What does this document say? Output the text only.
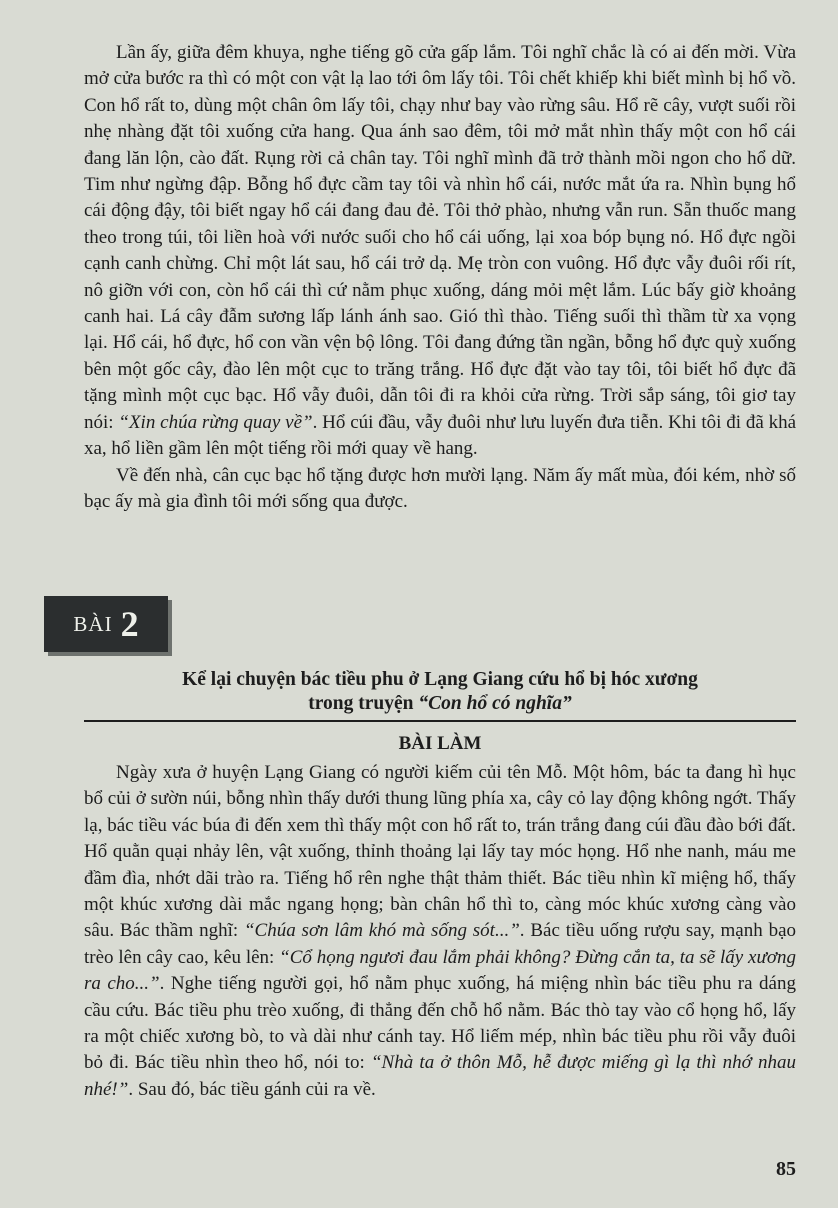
Lần ấy, giữa đêm khuya, nghe tiếng gõ cửa gấp lắm. Tôi nghĩ chắc là có ai đến mời. Vừa mở cửa bước ra thì có một con vật lạ lao tới ôm lấy tôi. Tôi chết khiếp khi biết mình bị hổ vồ. Con hổ rất to, dùng một chân ôm lấy tôi, chạy như bay vào rừng sâu. Hổ rẽ cây, vượt suối rồi nhẹ nhàng đặt tôi xuống cửa hang. Qua ánh sao đêm, tôi mở mắt nhìn thấy một con hổ cái đang lăn lộn, cào đất. Rụng rời cả chân tay. Tôi nghĩ mình đã trở thành mồi ngon cho hổ dữ. Tim như ngừng đập. Bỗng hổ đực cầm tay tôi và nhìn hổ cái, nước mắt ứa ra. Nhìn bụng hổ cái động đậy, tôi biết ngay hổ cái đang đau đẻ. Tôi thở phào, nhưng vẫn run. Sẵn thuốc mang theo trong túi, tôi liền hoà với nước suối cho hổ cái uống, lại xoa bóp bụng nó. Hổ đực ngồi cạnh canh chừng. Chỉ một lát sau, hổ cái trở dạ. Mẹ tròn con vuông. Hổ đực vẫy đuôi rối rít, nô giỡn với con, còn hổ cái thì cứ nằm phục xuống, dáng mỏi mệt lắm. Lúc bấy giờ khoảng canh hai. Lá cây đẫm sương lấp lánh ánh sao. Gió thì thào. Tiếng suối thì thầm từ xa vọng lại. Hổ cái, hổ đực, hổ con vần vện bộ lông. Tôi đang đứng tần ngần, bỗng hổ đực quỳ xuống bên một gốc cây, đào lên một cục to trăng trắng. Hổ đực đặt vào tay tôi, tôi biết hổ đực đã tặng mình một cục bạc. Hổ vẫy đuôi, dẫn tôi đi ra khỏi cửa rừng. Trời sắp sáng, tôi giơ tay nói: “Xin chúa rừng quay về”. Hổ cúi đầu, vẫy đuôi như lưu luyến đưa tiễn. Khi tôi đi đã khá xa, hổ liền gầm lên một tiếng rồi mới quay về hang.

Về đến nhà, cân cục bạc hổ tặng được hơn mười lạng. Năm ấy mất mùa, đói kém, nhờ số bạc ấy mà gia đình tôi mới sống qua được.

BÀI 2
Kể lại chuyện bác tiều phu ở Lạng Giang cứu hổ bị hóc xương
trong truyện “Con hổ có nghĩa”
BÀI LÀM

Ngày xưa ở huyện Lạng Giang có người kiếm củi tên Mỗ. Một hôm, bác ta đang hì hục bổ củi ở sườn núi, bỗng nhìn thấy dưới thung lũng phía xa, cây cỏ lay động không ngớt. Thấy lạ, bác tiều vác búa đi đến xem thì thấy một con hổ rất to, trán trắng đang cúi đầu đào bới đất. Hổ quằn quại nhảy lên, vật xuống, thỉnh thoảng lại lấy tay móc họng. Hổ nhe nanh, máu me đầm đìa, nhớt dãi trào ra. Tiếng hổ rên nghe thật thảm thiết. Bác tiều nhìn kĩ miệng hổ, thấy một khúc xương dài mắc ngang họng; bàn chân hổ thì to, càng móc khúc xương càng vào sâu. Bác thầm nghĩ: “Chúa sơn lâm khó mà sống sót...”. Bác tiều uống rượu say, mạnh bạo trèo lên cây cao, kêu lên: “Cổ họng ngươi đau lắm phải không? Đừng cắn ta, ta sẽ lấy xương ra cho...”. Nghe tiếng người gọi, hổ nằm phục xuống, há miệng nhìn bác tiều phu ra dáng cầu cứu. Bác tiều phu trèo xuống, đi thẳng đến chỗ hổ nằm. Bác thò tay vào cổ họng hổ, lấy ra một chiếc xương bò, to và dài như cánh tay. Hổ liếm mép, nhìn bác tiều phu rồi vẫy đuôi bỏ đi. Bác tiều nhìn theo hổ, nói to: “Nhà ta ở thôn Mỗ, hễ được miếng gì lạ thì nhớ nhau nhé!”. Sau đó, bác tiều gánh củi ra về.

85
